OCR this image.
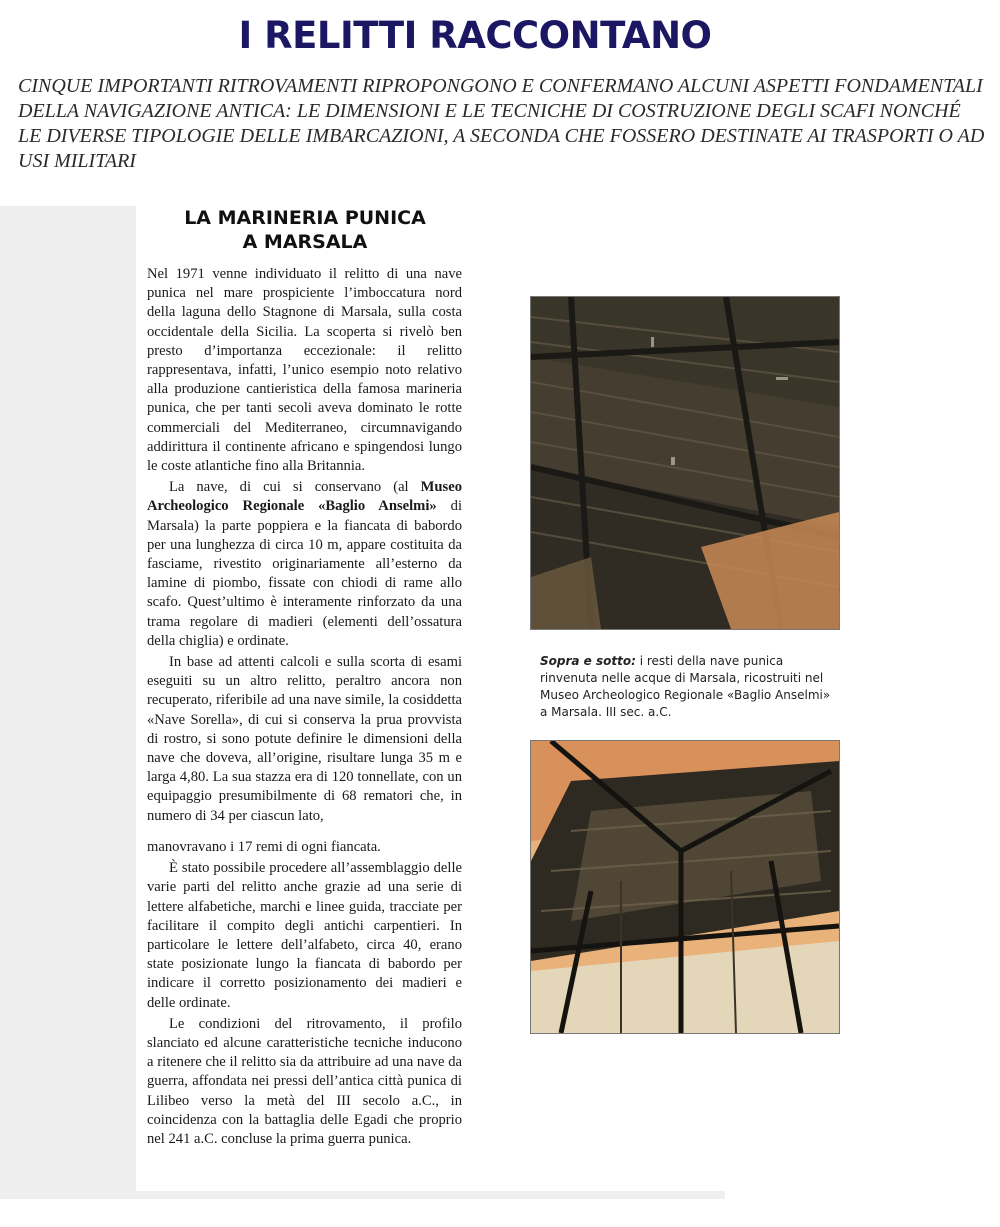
I RELITTI RACCONTANO

CINQUE IMPORTANTI RITROVAMENTI RIPROPONGONO E CONFERMANO ALCUNI ASPETTI FONDAMENTALI DELLA NAVIGAZIONE ANTICA: LE DIMENSIONI E LE TECNICHE DI COSTRUZIONE DEGLI SCAFI NONCHÉ LE DIVERSE TIPOLOGIE DELLE IMBARCAZIONI, A SECONDA CHE FOSSERO DESTINATE AI TRASPORTI O AD USI MILITARI

LA MARINERIA PUNICA
A MARSALA

Nel 1971 venne individuato il relitto di una nave punica nel mare prospiciente l’imboccatura nord della laguna dello Stagnone di Marsala, sulla costa occidentale della Sicilia. La scoperta si rivelò ben presto d’importanza eccezionale: il relitto rappresentava, infatti, l’unico esempio noto relativo alla produzione cantieristica della famosa marineria punica, che per tanti secoli aveva dominato le rotte commerciali del Mediterraneo, circumnavigando addirittura il continente africano e spingendosi lungo le coste atlantiche fino alla Britannia.

La nave, di cui si conservano (al Museo Archeologico Regionale «Baglio Anselmi» di Marsala) la parte poppiera e la fiancata di babordo per una lunghezza di circa 10 m, appare costituita da fasciame, rivestito originariamente all’esterno da lamine di piombo, fissate con chiodi di rame allo scafo. Quest’ultimo è interamente rinforzato da una trama regolare di madieri (elementi dell’ossatura della chiglia) e ordinate.

In base ad attenti calcoli e sulla scorta di esami eseguiti su un altro relitto, peraltro ancora non recuperato, riferibile ad una nave simile, la cosiddetta «Nave Sorella», di cui si conserva la prua provvista di rostro, si sono potute definire le dimensioni della nave che doveva, all’origine, risultare lunga 35 m e larga 4,80. La sua stazza era di 120 tonnellate, con un equipaggio presumibilmente di 68 rematori che, in numero di 34 per ciascun lato,

manovravano i 17 remi di ogni fiancata.

È stato possibile procedere all’assemblaggio delle varie parti del relitto anche grazie ad una serie di lettere alfabetiche, marchi e linee guida, tracciate per facilitare il compito degli antichi carpentieri. In particolare le lettere dell’alfabeto, circa 40, erano state posizionate lungo la fiancata di babordo per indicare il corretto posizionamento dei madieri e delle ordinate.

Le condizioni del ritrovamento, il profilo slanciato ed alcune caratteristiche tecniche inducono a ritenere che il relitto sia da attribuire ad una nave da guerra, affondata nei pressi dell’antica città punica di Lilibeo verso la metà del III secolo a.C., in coincidenza con la battaglia delle Egadi che proprio nel 241 a.C. concluse la prima guerra punica.

Sopra e sotto: i resti della nave punica rinvenuta nelle acque di Marsala, ricostruiti nel Museo Archeologico Regionale «Baglio Anselmi» a Marsala. III sec. a.C.
